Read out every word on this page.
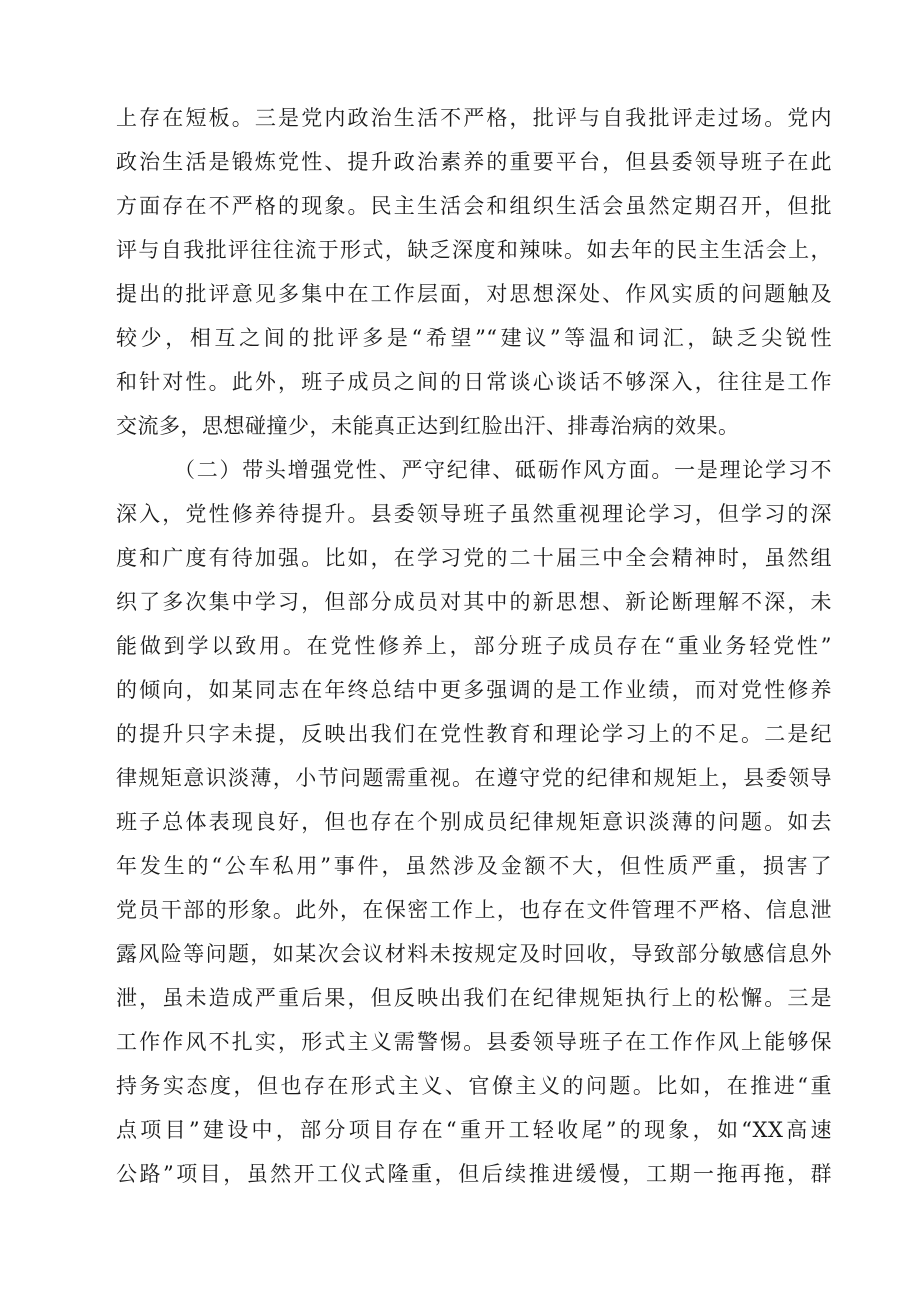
上存在短板。三是党内政治生活不严格，批评与自我批评走过场。党内
政治生活是锻炼党性、提升政治素养的重要平台，但县委领导班子在此
方面存在不严格的现象。民主生活会和组织生活会虽然定期召开，但批
评与自我批评往往流于形式，缺乏深度和辣味。如去年的民主生活会上，
提出的批评意见多集中在工作层面，对思想深处、作风实质的问题触及
较少，相互之间的批评多是“希望”“建议”等温和词汇，缺乏尖锐性
和针对性。此外，班子成员之间的日常谈心谈话不够深入，往往是工作
交流多，思想碰撞少，未能真正达到红脸出汗、排毒治病的效果。
（二）带头增强党性、严守纪律、砥砺作风方面。一是理论学习不
深入，党性修养待提升。县委领导班子虽然重视理论学习，但学习的深
度和广度有待加强。比如，在学习党的二十届三中全会精神时，虽然组
织了多次集中学习，但部分成员对其中的新思想、新论断理解不深，未
能做到学以致用。在党性修养上，部分班子成员存在“重业务轻党性”
的倾向，如某同志在年终总结中更多强调的是工作业绩，而对党性修养
的提升只字未提，反映出我们在党性教育和理论学习上的不足。二是纪
律规矩意识淡薄，小节问题需重视。在遵守党的纪律和规矩上，县委领导
班子总体表现良好，但也存在个别成员纪律规矩意识淡薄的问题。如去
年发生的“公车私用”事件，虽然涉及金额不大，但性质严重，损害了
党员干部的形象。此外，在保密工作上，也存在文件管理不严格、信息泄
露风险等问题，如某次会议材料未按规定及时回收，导致部分敏感信息外
泄，虽未造成严重后果，但反映出我们在纪律规矩执行上的松懈。三是
工作作风不扎实，形式主义需警惕。县委领导班子在工作作风上能够保
持务实态度，但也存在形式主义、官僚主义的问题。比如，在推进“重
点项目”建设中，部分项目存在“重开工轻收尾”的现象，如“XX高速
公路”项目，虽然开工仪式隆重，但后续推进缓慢，工期一拖再拖，群
